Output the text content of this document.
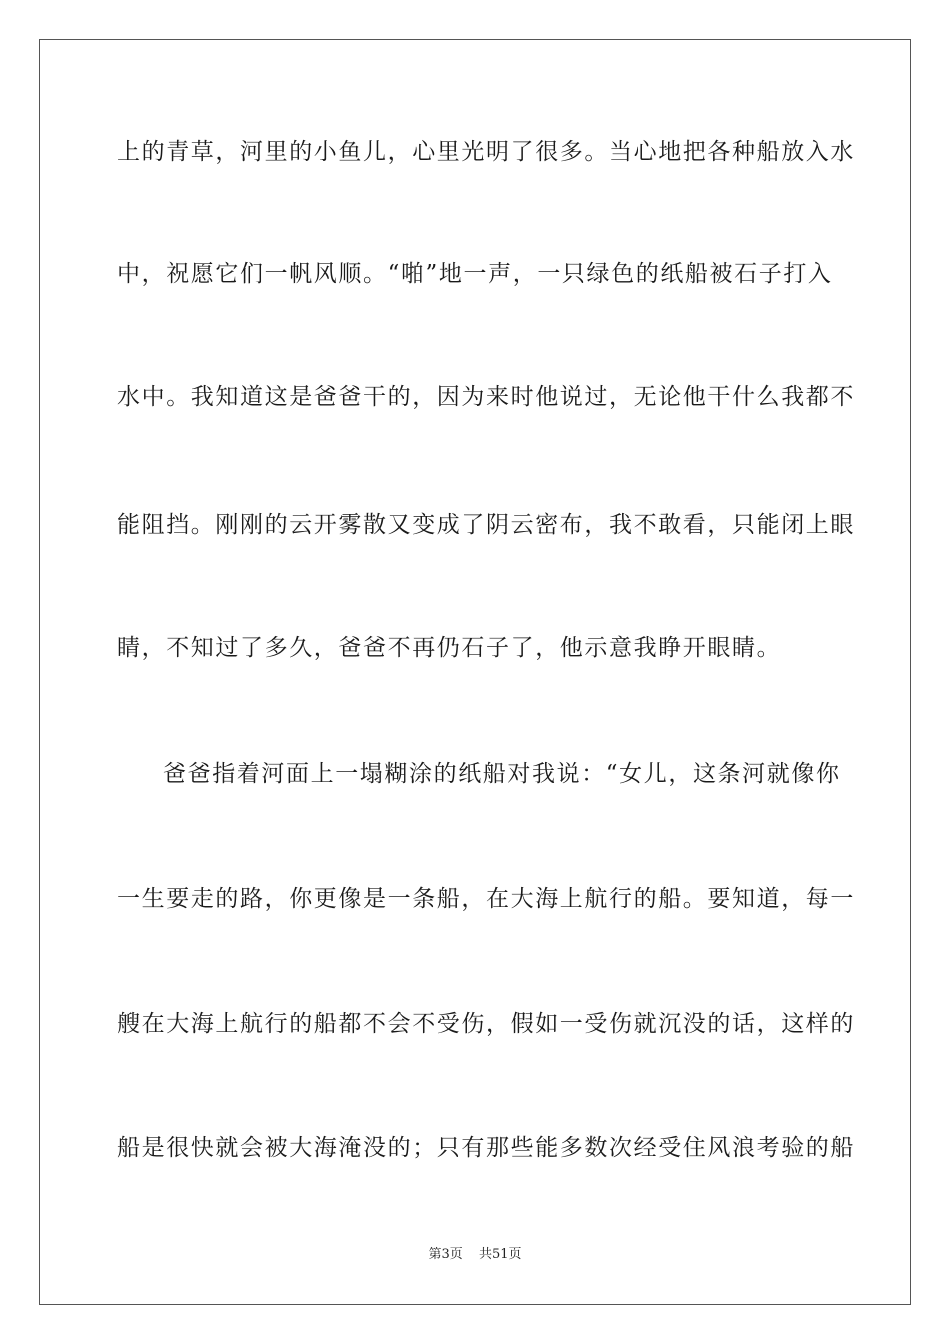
上的青草，河里的小鱼儿，心里光明了很多。当心地把各种船放入水
中，祝愿它们一帆风顺。“啪”地一声，一只绿色的纸船被石子打入
水中。我知道这是爸爸干的，因为来时他说过，无论他干什么我都不
能阻挡。刚刚的云开雾散又变成了阴云密布，我不敢看，只能闭上眼
睛，不知过了多久，爸爸不再仍石子了，他示意我睁开眼睛。
爸爸指着河面上一塌糊涂的纸船对我说：“女儿，这条河就像你
一生要走的路，你更像是一条船，在大海上航行的船。要知道，每一
艘在大海上航行的船都不会不受伤，假如一受伤就沉没的话，这样的
船是很快就会被大海淹没的；只有那些能多数次经受住风浪考验的船
第3页 共51页
